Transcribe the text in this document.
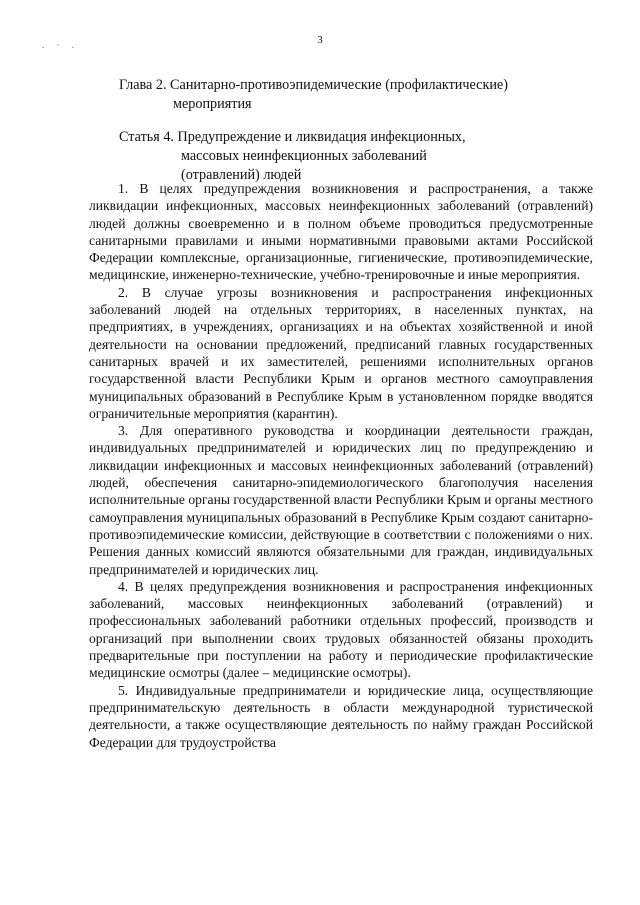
3
. · .
Глава 2. Санитарно-противоэпидемические (профилактические)
мероприятия
Статья 4. Предупреждение и ликвидация инфекционных,
массовых неинфекционных заболеваний
(отравлений) людей

1. В целях предупреждения возникновения и распространения, а также ликвидации инфекционных, массовых неинфекционных заболеваний (отравлений) людей должны своевременно и в полном объеме проводиться предусмотренные санитарными правилами и иными нормативными правовыми актами Российской Федерации комплексные, организационные, гигиенические, противоэпидемические, медицинские, инженерно-технические, учебно-тренировочные и иные мероприятия.

2. В случае угрозы возникновения и распространения инфекционных заболеваний людей на отдельных территориях, в населенных пунктах, на предприятиях, в учреждениях, организациях и на объектах хозяйственной и иной деятельности на основании предложений, предписаний главных государственных санитарных врачей и их заместителей, решениями исполнительных органов государственной власти Республики Крым и органов местного самоуправления муниципальных образований в Республике Крым в установленном порядке вводятся ограничительные мероприятия (карантин).

3. Для оперативного руководства и координации деятельности граждан, индивидуальных предпринимателей и юридических лиц по предупреждению и ликвидации инфекционных и массовых неинфекционных заболеваний (отравлений) людей, обеспечения санитарно-эпидемиологического благополучия населения исполнительные органы государственной власти Республики Крым и органы местного самоуправления муниципальных образований в Республике Крым создают санитарно-противоэпидемические комиссии, действующие в соответствии с положениями о них. Решения данных комиссий являются обязательными для граждан, индивидуальных предпринимателей и юридических лиц.

4. В целях предупреждения возникновения и распространения инфекционных заболеваний, массовых неинфекционных заболеваний (отравлений) и профессиональных заболеваний работники отдельных профессий, производств и организаций при выполнении своих трудовых обязанностей обязаны проходить предварительные при поступлении на работу и периодические профилактические медицинские осмотры (далее – медицинские осмотры).

5. Индивидуальные предприниматели и юридические лица, осуществляющие предпринимательскую деятельность в области международной туристической деятельности, а также осуществляющие деятельность по найму граждан Российской Федерации для трудоустройства
